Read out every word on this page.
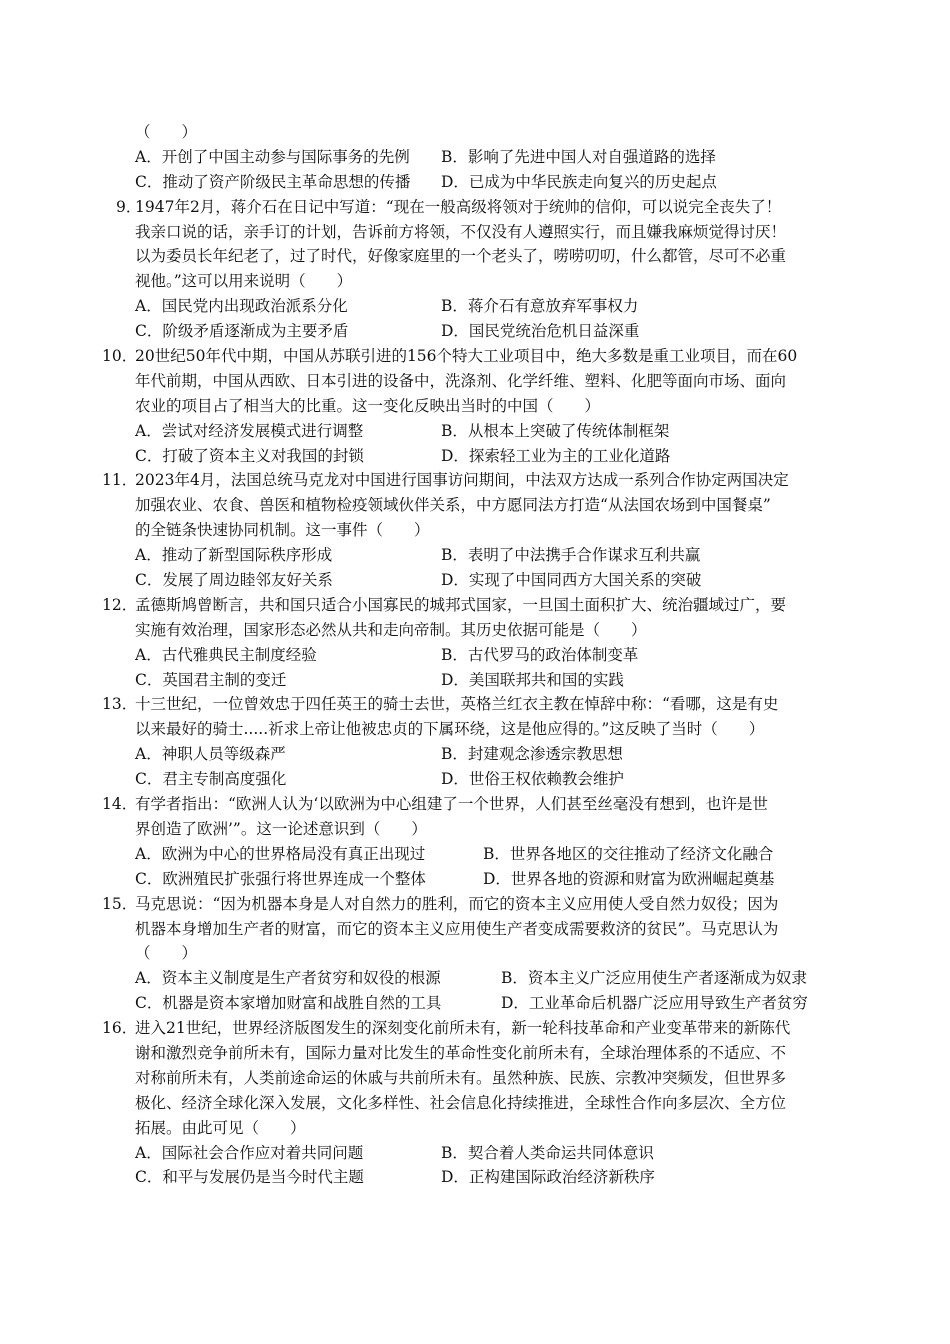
（　　）
A．开创了中国主动参与国际事务的先例 B．影响了先进中国人对自强道路的选择
C．推动了资产阶级民主革命思想的传播 D．已成为中华民族走向复兴的历史起点
9．
1947年2月，蒋介石在日记中写道：“现在一般高级将领对于统帅的信仰，可以说完全丧失了！
我亲口说的话，亲手订的计划，告诉前方将领，不仅没有人遵照实行，而且嫌我麻烦觉得讨厌！
以为委员长年纪老了，过了时代，好像家庭里的一个老头了，唠唠叨叨，什么都管，尽可不必重
视他。”这可以用来说明（　　）
A．国民党内出现政治派系分化	B．蒋介石有意放弃军事权力
C．阶级矛盾逐渐成为主要矛盾	D．国民党统治危机日益深重
10．
20世纪50年代中期，中国从苏联引进的156个特大工业项目中，绝大多数是重工业项目，而在60
年代前期，中国从西欧、日本引进的设备中，洗涤剂、化学纤维、塑料、化肥等面向市场、面向
农业的项目占了相当大的比重。这一变化反映出当时的中国（　　）
A．尝试对经济发展模式进行调整	B．从根本上突破了传统体制框架
C．打破了资本主义对我国的封锁	D．探索轻工业为主的工业化道路
11．
2023年4月，法国总统马克龙对中国进行国事访问期间，中法双方达成一系列合作协定两国决定
加强农业、农食、兽医和植物检疫领域伙伴关系，中方愿同法方打造“从法国农场到中国餐桌”
的全链条快速协同机制。这一事件（　　）
A．推动了新型国际秩序形成	B．表明了中法携手合作谋求互利共赢
C．发展了周边睦邻友好关系	D．实现了中国同西方大国关系的突破
12．
孟德斯鸠曾断言，共和国只适合小国寡民的城邦式国家，一旦国土面积扩大、统治疆域过广，要
实施有效治理，国家形态必然从共和走向帝制。其历史依据可能是（　　）
A．古代雅典民主制度经验	B．古代罗马的政治体制变革
C．英国君主制的变迁	D．美国联邦共和国的实践
13．
十三世纪，一位曾效忠于四任英王的骑士去世，英格兰红衣主教在悼辞中称：“看哪，这是有史
以来最好的骑士.....祈求上帝让他被忠贞的下属环绕，这是他应得的。”这反映了当时（　　）
A．神职人员等级森严	B．封建观念渗透宗教思想
C．君主专制高度强化	D．世俗王权依赖教会维护
14．
有学者指出：“欧洲人认为‘以欧洲为中心组建了一个世界，人们甚至丝毫没有想到，也许是世
界创造了欧洲’”。这一论述意识到（　　）
A．欧洲为中心的世界格局没有真正出现过	B．世界各地区的交往推动了经济文化融合
C．欧洲殖民扩张强行将世界连成一个整体	D．世界各地的资源和财富为欧洲崛起奠基
15．
马克思说：“因为机器本身是人对自然力的胜利，而它的资本主义应用使人受自然力奴役；因为
机器本身增加生产者的财富，而它的资本主义应用使生产者变成需要救济的贫民”。马克思认为
（　　）
A．资本主义制度是生产者贫穷和奴役的根源	B．资本主义广泛应用使生产者逐渐成为奴隶
C．机器是资本家增加财富和战胜自然的工具	D．工业革命后机器广泛应用导致生产者贫穷
16．
进入21世纪，世界经济版图发生的深刻变化前所未有，新一轮科技革命和产业变革带来的新陈代
谢和激烈竞争前所未有，国际力量对比发生的革命性变化前所未有，全球治理体系的不适应、不
对称前所未有，人类前途命运的休戚与共前所未有。虽然种族、民族、宗教冲突频发，但世界多
极化、经济全球化深入发展，文化多样性、社会信息化持续推进，全球性合作向多层次、全方位
拓展。由此可见（　　）
A．国际社会合作应对着共同问题	B．契合着人类命运共同体意识
C．和平与发展仍是当今时代主题	D．正构建国际政治经济新秩序
